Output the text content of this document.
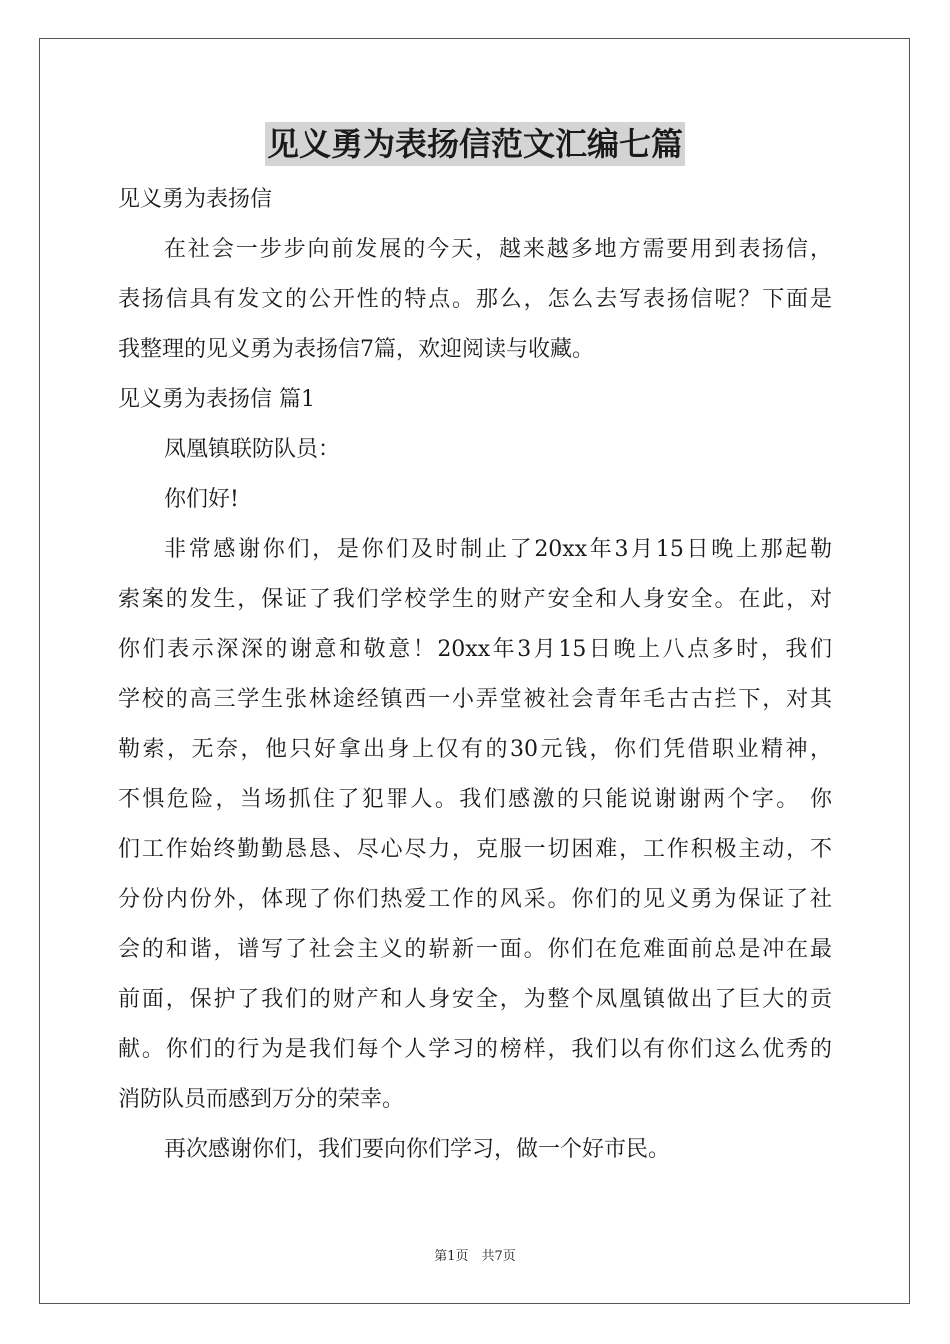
见义勇为表扬信范文汇编七篇
见义勇为表扬信
在社会一步步向前发展的今天，越来越多地方需要用到表扬信，
表扬信具有发文的公开性的特点。那么，怎么去写表扬信呢？下面是
我整理的见义勇为表扬信7篇，欢迎阅读与收藏。
见义勇为表扬信 篇1
凤凰镇联防队员：
你们好!
非常感谢你们，是你们及时制止了20xx年3月15日晚上那起勒
索案的发生，保证了我们学校学生的财产安全和人身安全。在此，对
你们表示深深的谢意和敬意！20xx年3月15日晚上八点多时，我们
学校的高三学生张林途经镇西一小弄堂被社会青年毛古古拦下，对其
勒索，无奈，他只好拿出身上仅有的30元钱，你们凭借职业精神，
不惧危险，当场抓住了犯罪人。我们感激的只能说谢谢两个字。 你
们工作始终勤勤恳恳、尽心尽力，克服一切困难，工作积极主动，不
分份内份外，体现了你们热爱工作的风采。你们的见义勇为保证了社
会的和谐，谱写了社会主义的崭新一面。你们在危难面前总是冲在最
前面，保护了我们的财产和人身安全，为整个凤凰镇做出了巨大的贡
献。你们的行为是我们每个人学习的榜样，我们以有你们这么优秀的
消防队员而感到万分的荣幸。
再次感谢你们，我们要向你们学习，做一个好市民。
第1页　共7页
